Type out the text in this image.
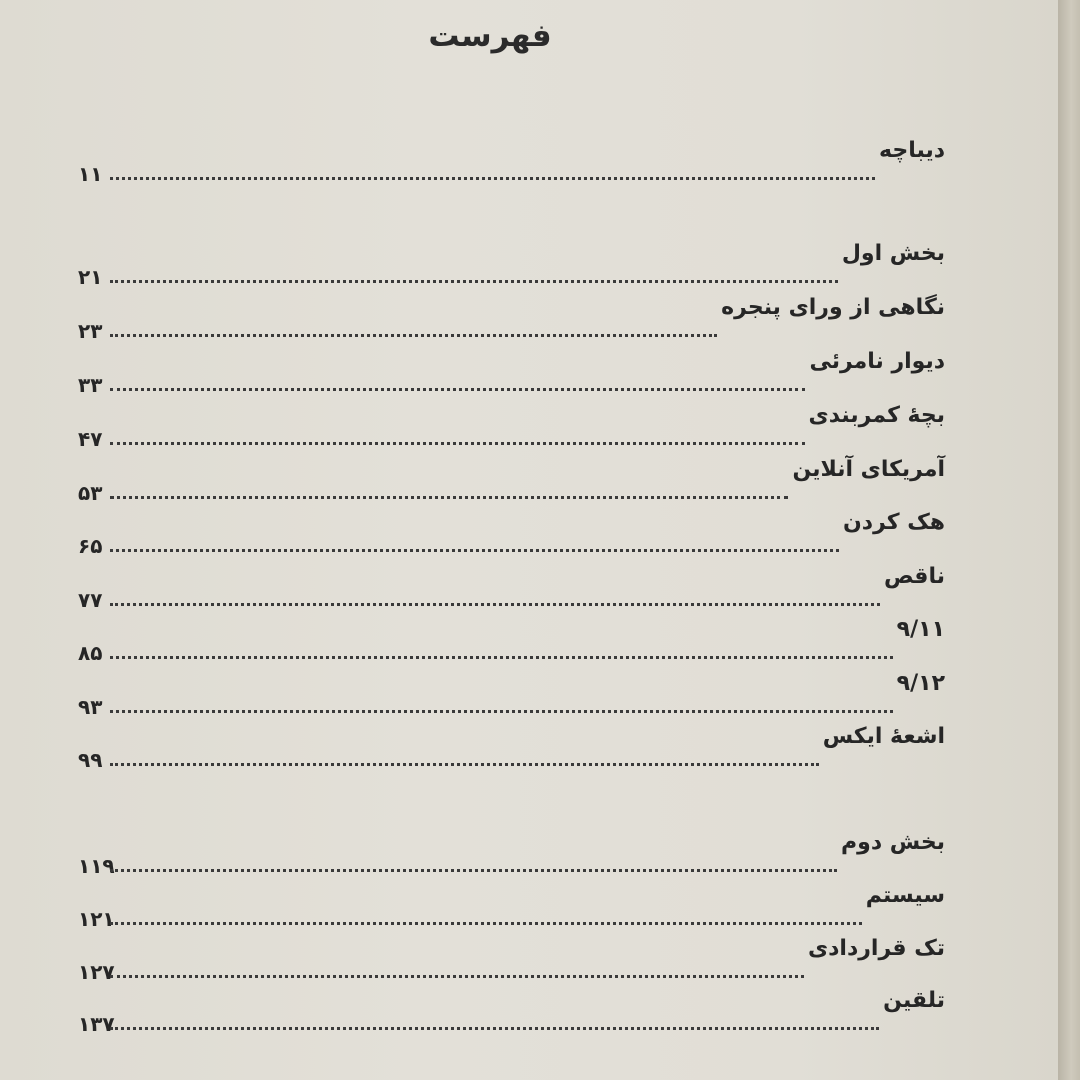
فهرست
دیباچه
۱۱
بخش اول
۲۱
نگاهی از ورای پنجره
۲۳
دیوار نامرئی
۳۳
بچهٔ کمربندی
۴۷
آمریکای آنلاین
۵۳
هک کردن
۶۵
ناقص
۷۷
۹/۱۱
۸۵
۹/۱۲
۹۳
اشعهٔ ایکس
۹۹
بخش دوم
۱۱۹
سیستم
۱۲۱
تک قراردادی
۱۲۷
تلقین
۱۳۷
